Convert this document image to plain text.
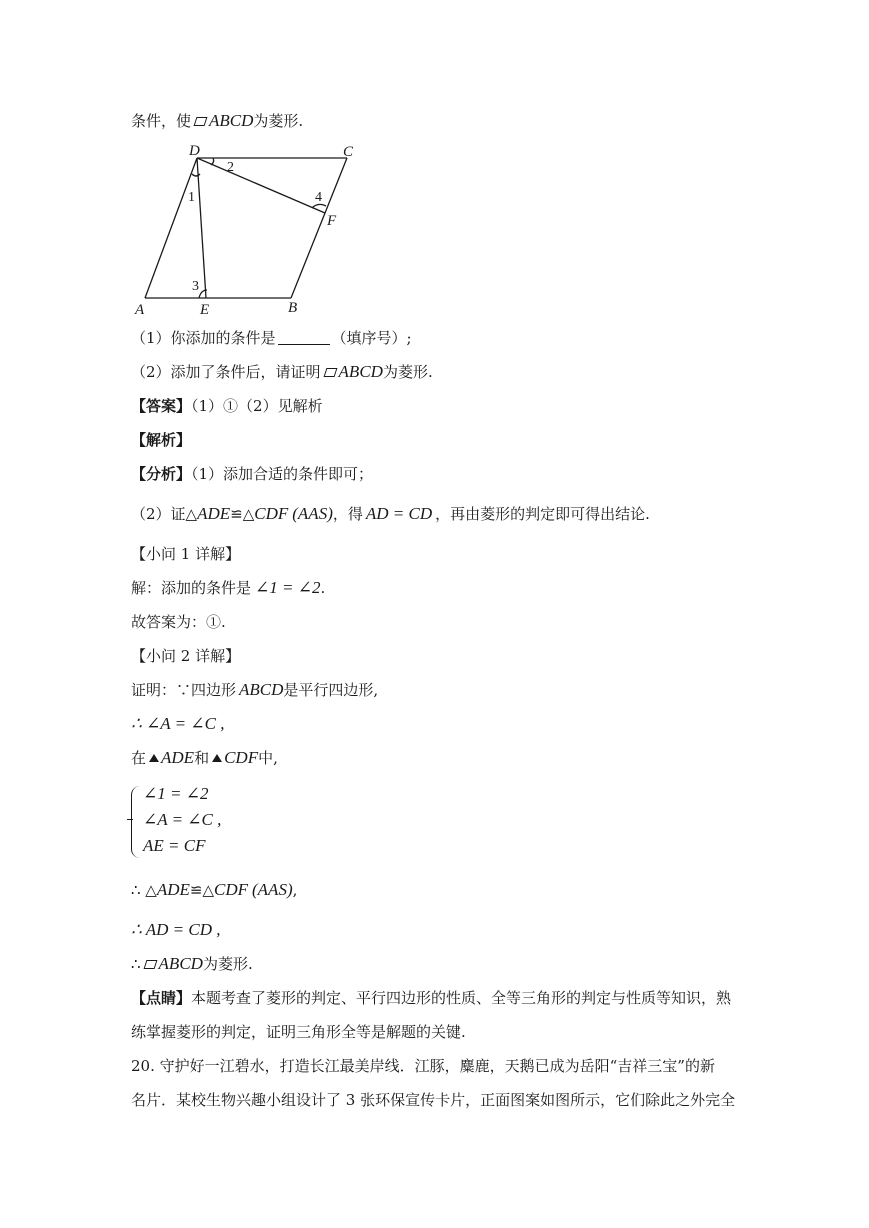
条件，使 ABCD为菱形.
D	C
F
A	E	B
1
2
3
4
（1）你添加的条件是	（填序号）;
（2）添加了条件后，请证明 ABCD为菱形.
【答案】（1）①（2）见解析
【解析】
【分析】（1）添加合适的条件即可；
（2）证△ADE≌△CDF (AAS)，得 AD = CD ，再由菱形的判定即可得出结论.
【小问 1 详解】
解：添加的条件是 ∠1 = ∠2.
故答案为：①.
【小问 2 详解】
证明：∵四边形 ABCD是平行四边形,
∴ ∠A = ∠C ,
在 ADE和 CDF中,
∠1 = ∠2
∠A = ∠C ,
AE = CF
∴ △ADE≌△CDF (AAS),
∴ AD = CD ,
∴ ABCD为菱形.
【点睛】本题考查了菱形的判定、平行四边形的性质、全等三角形的判定与性质等知识，熟
练掌握菱形的判定，证明三角形全等是解题的关键.
20. 守护好一江碧水，打造长江最美岸线．江豚，麋鹿，天鹅已成为岳阳“吉祥三宝”的新
名片．某校生物兴趣小组设计了 3 张环保宣传卡片，正面图案如图所示，它们除此之外完全
